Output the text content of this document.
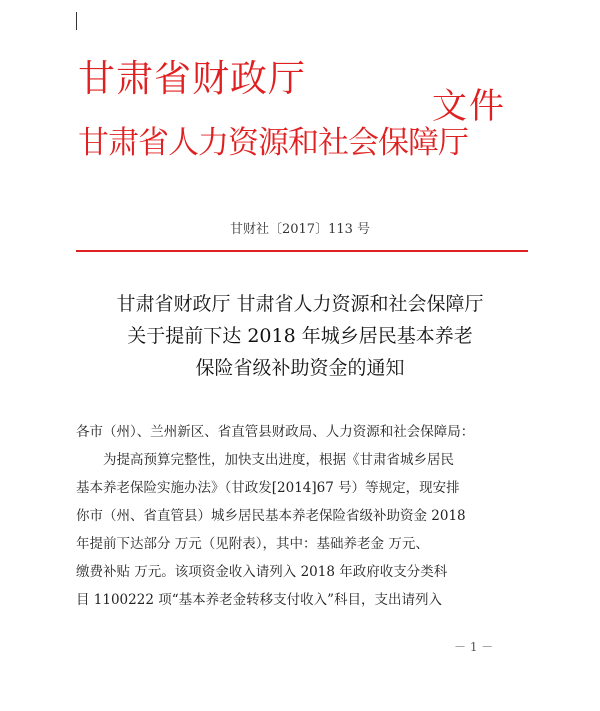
甘肃省财政厅
甘肃省人力资源和社会保障厅
文件
甘财社〔2017〕113 号
甘肃省财政厅 甘肃省人力资源和社会保障厅
关于提前下达 2018 年城乡居民基本养老
保险省级补助资金的通知
各市（州）、兰州新区、省直管县财政局、人力资源和社会保障局：
为提高预算完整性，加快支出进度，根据《甘肃省城乡居民
基本养老保险实施办法》（甘政发[2014]67 号）等规定，现安排
你市（州、省直管县）城乡居民基本养老保险省级补助资金 2018
年提前下达部分 万元（见附表），其中：基础养老金 万元、
缴费补贴 万元。该项资金收入请列入 2018 年政府收支分类科
目 1100222 项“基本养老金转移支付收入”科目，支出请列入
－ 1 －
